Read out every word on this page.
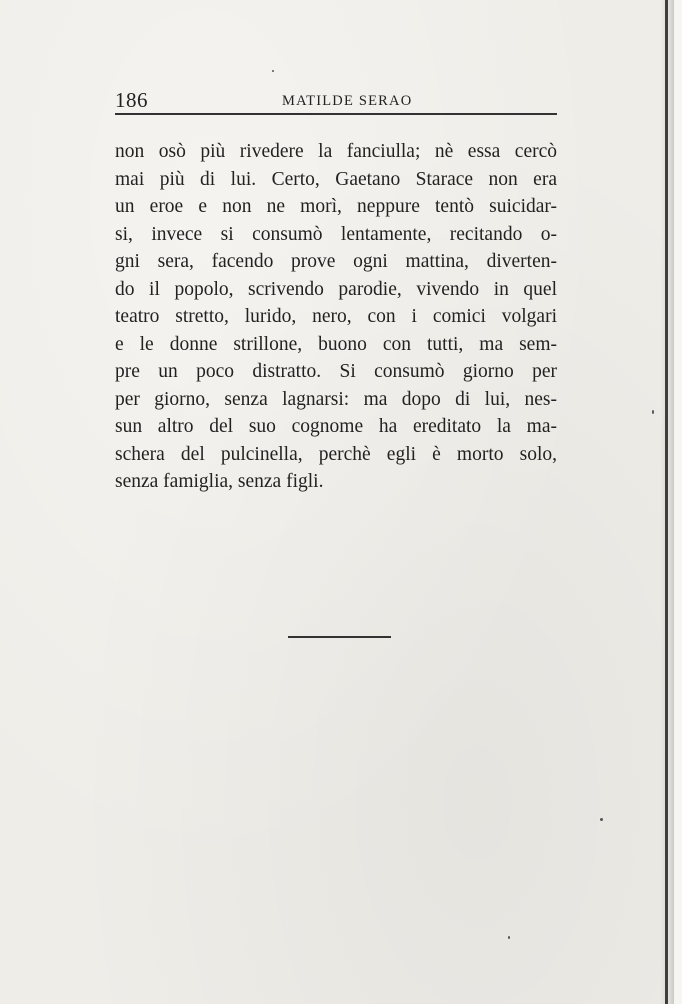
186	MATILDE SERAO
non osò più rivedere la fanciulla; nè essa cercò
mai più di lui. Certo, Gaetano Starace non era
un eroe e non ne morì, neppure tentò suicidar-
si, invece si consumò lentamente, recitando o-
gni sera, facendo prove ogni mattina, diverten-
do il popolo, scrivendo parodie, vivendo in quel
teatro stretto, lurido, nero, con i comici volgari
e le donne strillone, buono con tutti, ma sem-
pre un poco distratto. Si consumò giorno per
per giorno, senza lagnarsi: ma dopo di lui, nes-
sun altro del suo cognome ha ereditato la ma-
schera del pulcinella, perchè egli è morto solo,
senza famiglia, senza figli.
